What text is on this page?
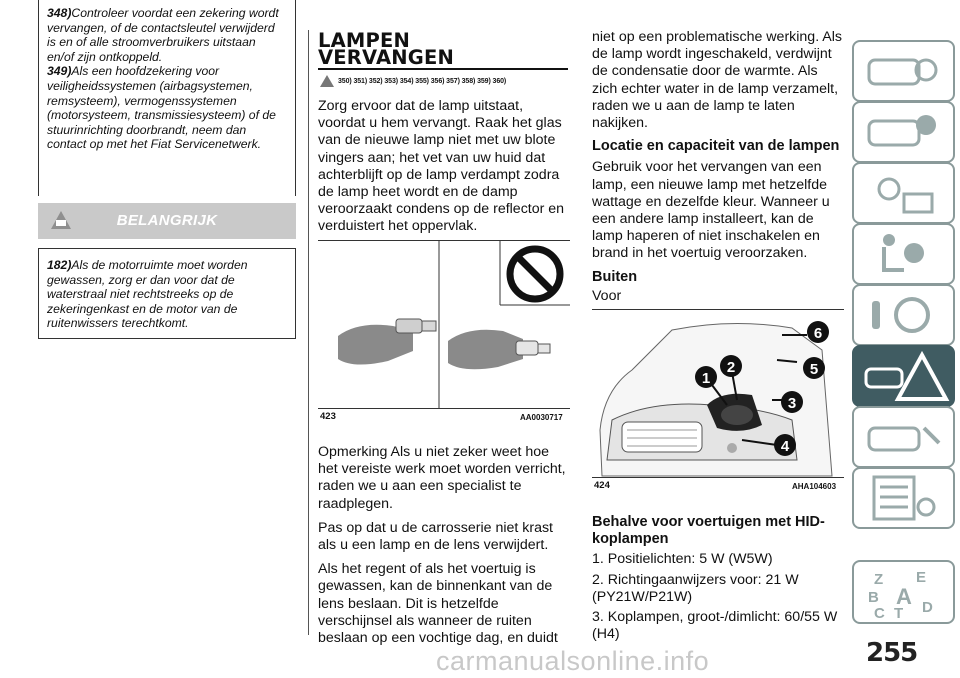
348)Controleer voordat een zekering wordt vervangen, of de contactsleutel verwijderd is en of alle stroomverbruikers uitstaan en/of zijn ontkoppeld.
349)Als een hoofdzekering voor veiligheidssystemen (airbagsystemen, remsysteem), vermogenssystemen (motorsysteem, transmissiesysteem) of de stuurinrichting doorbrandt, neem dan contact op met het Fiat Servicenetwerk.
BELANGRIJK
182)Als de motorruimte moet worden gewassen, zorg er dan voor dat de waterstraal niet rechtstreeks op de zekeringenkast en de motor van de ruitenwissers terechtkomt.
LAMPEN
VERVANGEN
350) 351) 352) 353) 354) 355) 356) 357) 358) 359) 360)

Zorg ervoor dat de lamp uitstaat, voordat u hem vervangt. Raak het glas van de nieuwe lamp niet met uw blote vingers aan; het vet van uw huid dat achterblijft op de lamp verdampt zodra de lamp heet wordt en de damp veroorzaakt condens op de reflector en verduistert het oppervlak.

423	AA0030717

Opmerking Als u niet zeker weet hoe het vereiste werk moet worden verricht, raden we u aan een specialist te raadplegen.

Pas op dat u de carrosserie niet krast als u een lamp en de lens verwijdert.

Als het regent of als het voertuig is gewassen, kan de binnenkant van de lens beslaan. Dit is hetzelfde verschijnsel als wanneer de ruiten beslaan op een vochtige dag, en duidt

niet op een problematische werking. Als de lamp wordt ingeschakeld, verdwijnt de condensatie door de warmte. Als zich echter water in de lamp verzamelt, raden we u aan de lamp te laten nakijken.

Locatie en capaciteit van de lampen

Gebruik voor het vervangen van een lamp, een nieuwe lamp met hetzelfde wattage en dezelfde kleur. Wanneer u een andere lamp installeert, kan de lamp haperen of niet inschakelen en brand in het voertuig veroorzaken.

Buiten

Voor

1
2
3
4
5
6
424	AHA104603

Behalve voor voertuigen met HID-koplampen

1. Positielichten: 5 W (W5W)

2. Richtingaanwijzers voor: 21 W (PY21W/P21W)

3. Koplampen, groot-/dimlicht: 60/55 W (H4)

Z E
B A
C T D
255
carmanualsonline.info
